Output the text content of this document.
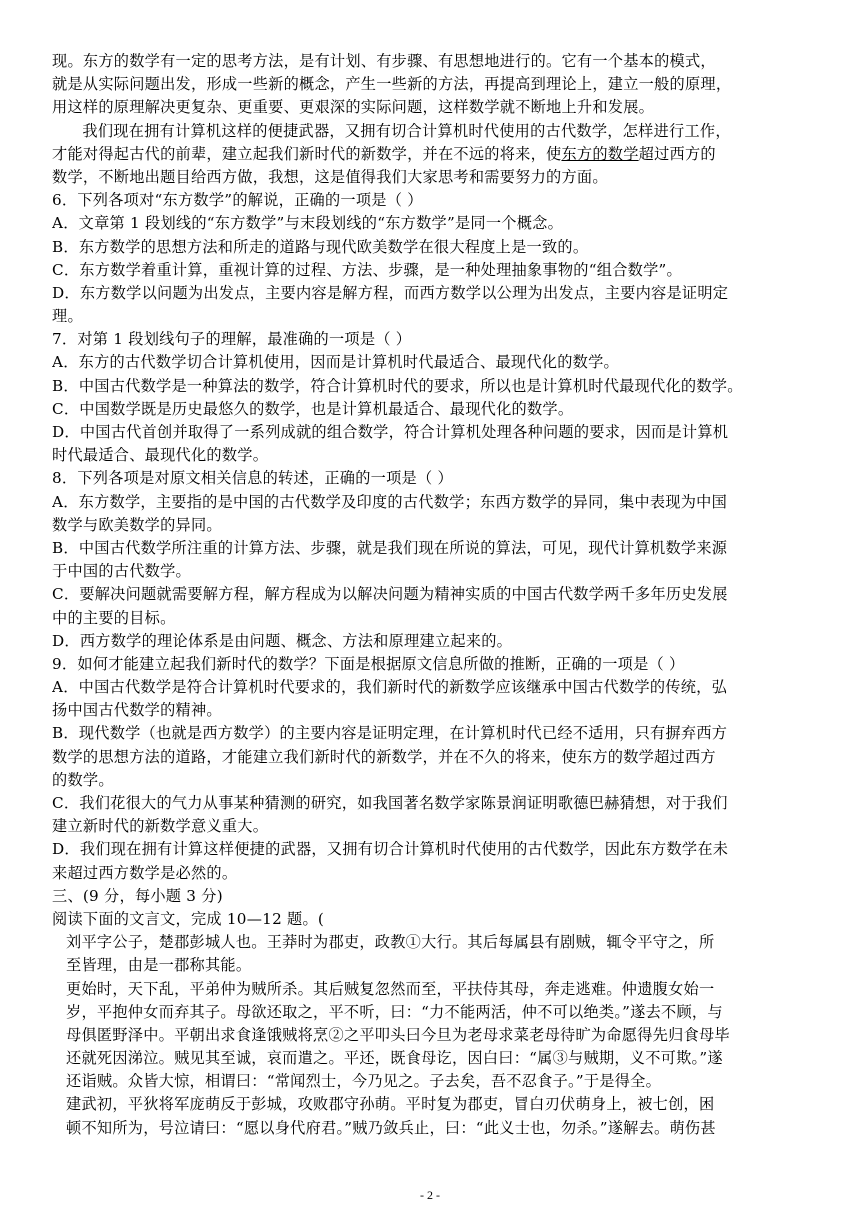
现。东方的数学有一定的思考方法，是有计划、有步骤、有思想地进行的。它有一个基本的模式，
就是从实际问题出发，形成一些新的概念，产生一些新的方法，再提高到理论上，建立一般的原理，
用这样的原理解决更复杂、更重要、更艰深的实际问题，这样数学就不断地上升和发展。
我们现在拥有计算机这样的便捷武器，又拥有切合计算机时代使用的古代数学，怎样进行工作，
才能对得起古代的前辈，建立起我们新时代的新数学，并在不远的将来，使东方的数学超过西方的
数学，不断地出题目给西方做，我想，这是值得我们大家思考和需要努力的方面。
6．下列各项对“东方数学”的解说，正确的一项是（ ）
A．文章第 1 段划线的“东方数学”与末段划线的“东方数学”是同一个概念。
B．东方数学的思想方法和所走的道路与现代欧美数学在很大程度上是一致的。
C．东方数学着重计算，重视计算的过程、方法、步骤，是一种处理抽象事物的“组合数学”。
D．东方数学以问题为出发点，主要内容是解方程，而西方数学以公理为出发点，主要内容是证明定
理。
7．对第 1 段划线句子的理解，最准确的一项是（ ）
A．东方的古代数学切合计算机使用，因而是计算机时代最适合、最现代化的数学。
B．中国古代数学是一种算法的数学，符合计算机时代的要求，所以也是计算机时代最现代化的数学。
C．中国数学既是历史最悠久的数学，也是计算机最适合、最现代化的数学。
D．中国古代首创并取得了一系列成就的组合数学，符合计算机处理各种问题的要求，因而是计算机
时代最适合、最现代化的数学。
8．下列各项是对原文相关信息的转述，正确的一项是（ ）
A．东方数学，主要指的是中国的古代数学及印度的古代数学；东西方数学的异同，集中表现为中国
数学与欧美数学的异同。
B．中国古代数学所注重的计算方法、步骤，就是我们现在所说的算法，可见，现代计算机数学来源
于中国的古代数学。
C．要解决问题就需要解方程，解方程成为以解决问题为精神实质的中国古代数学两千多年历史发展
中的主要的目标。
D．西方数学的理论体系是由问题、概念、方法和原理建立起来的。
9．如何才能建立起我们新时代的数学？下面是根据原文信息所做的推断，正确的一项是（ ）
A．中国古代数学是符合计算机时代要求的，我们新时代的新数学应该继承中国古代数学的传统，弘
扬中国古代数学的精神。
B．现代数学（也就是西方数学）的主要内容是证明定理，在计算机时代已经不适用，只有摒弃西方
数学的思想方法的道路，才能建立我们新时代的新数学，并在不久的将来，使东方的数学超过西方
的数学。
C．我们花很大的气力从事某种猜测的研究，如我国著名数学家陈景润证明歌德巴赫猜想，对于我们
建立新时代的新数学意义重大。
D．我们现在拥有计算这样便捷的武器，又拥有切合计算机时代使用的古代数学，因此东方数学在未
来超过西方数学是必然的。
三、(9 分，每小题 3 分)
阅读下面的文言文，完成 10—12 题。(
刘平字公子，楚郡彭城人也。王莽时为郡吏，政教①大行。其后每属县有剧贼，辄令平守之，所
至皆理，由是一郡称其能。
更始时，天下乱，平弟仲为贼所杀。其后贼复忽然而至，平扶侍其母，奔走逃难。仲遗腹女始一
岁，平抱仲女而弃其子。母欲还取之，平不听，曰：“力不能两活，仲不可以绝类。”遂去不顾，与
母俱匿野泽中。平朝出求食逢饿贼将烹②之平叩头曰今旦为老母求菜老母待旷为命愿得先归食母毕
还就死因涕泣。贼见其至诚，哀而遣之。平还，既食母讫，因白曰：“属③与贼期，义不可欺。”遂
还诣贼。众皆大惊，相谓曰：“常闻烈士，今乃见之。子去矣，吾不忍食子。”于是得全。
建武初，平狄将军庞萌反于彭城，攻败郡守孙萌。平时复为郡吏，冒白刃伏萌身上，被七创，困
顿不知所为，号泣请曰：“愿以身代府君。”贼乃敛兵止，曰：“此义士也，勿杀。”遂解去。萌伤甚
- 2 -
